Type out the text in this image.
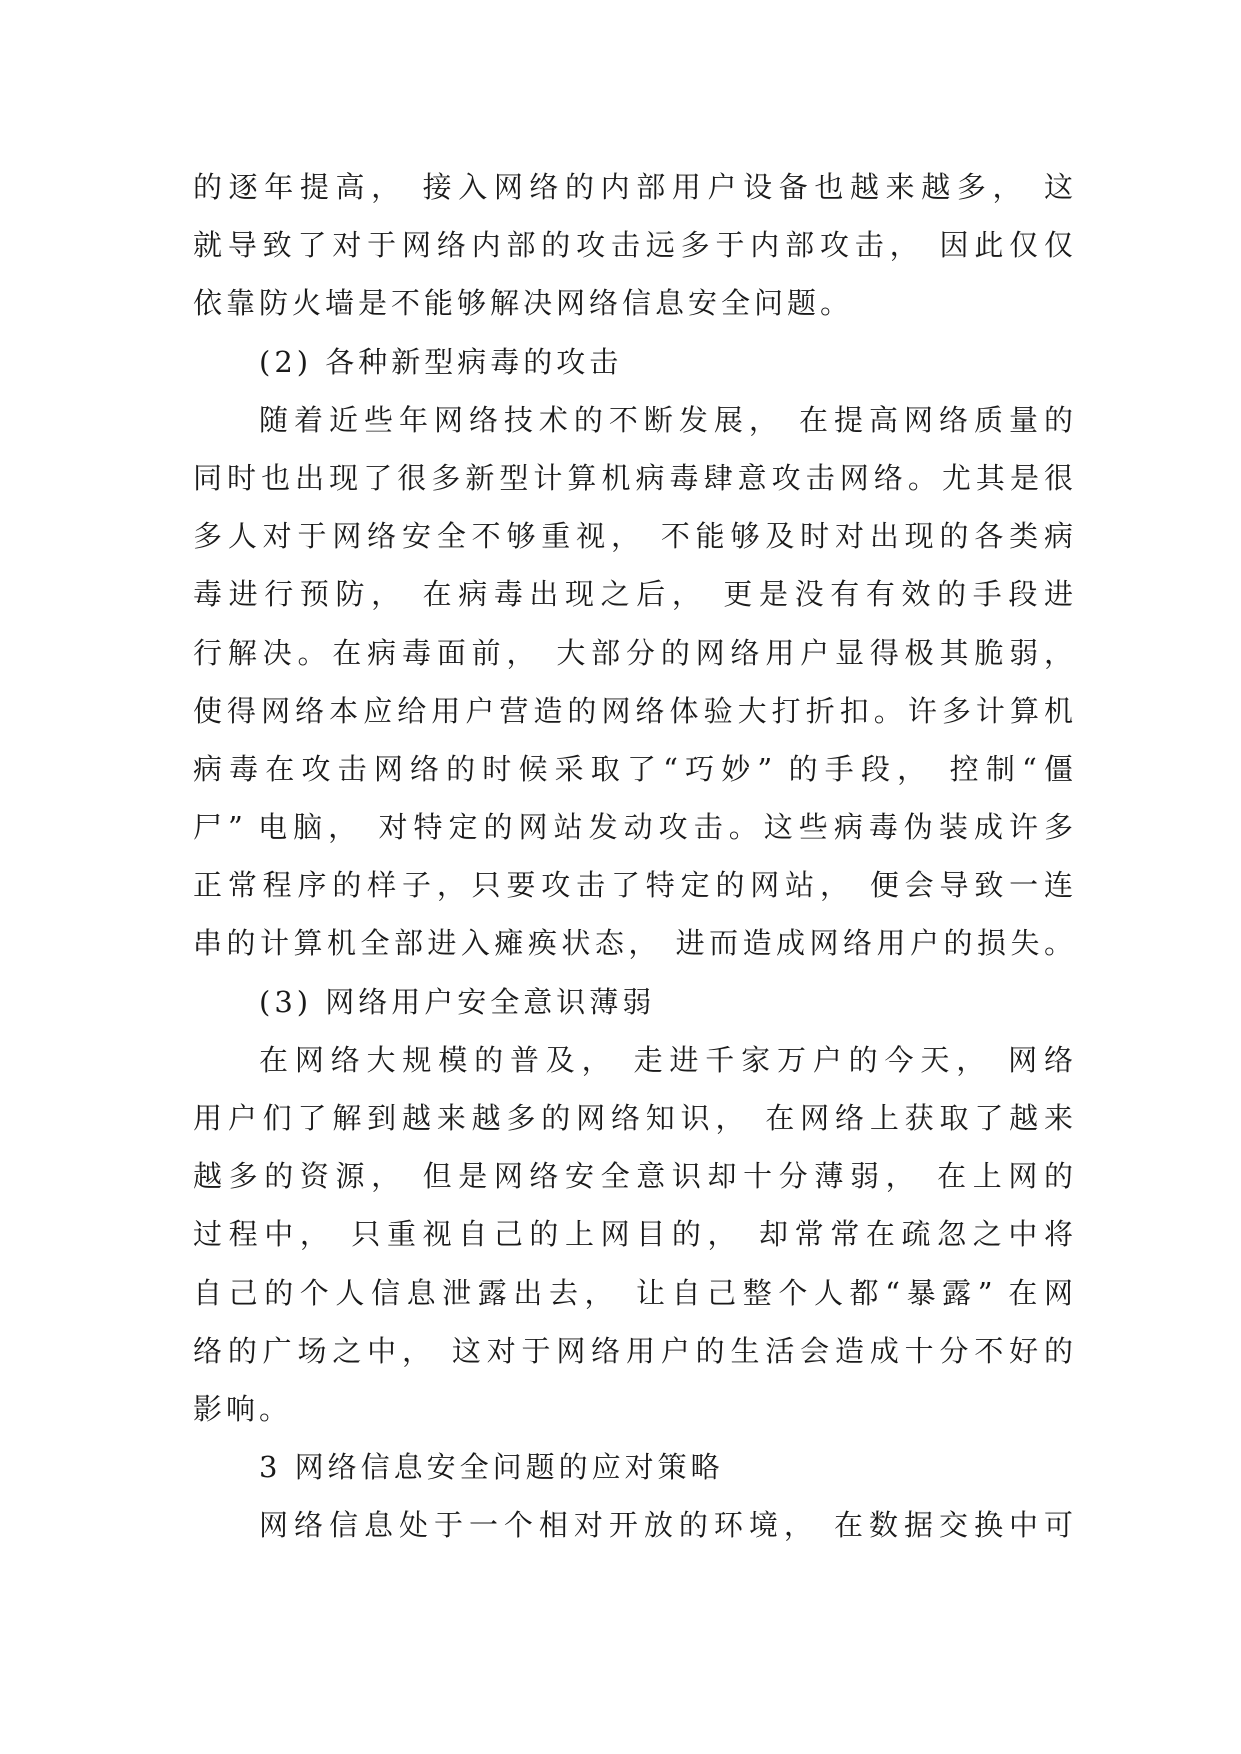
的逐年提高， 接入网络的内部用户设备也越来越多， 这
就导致了对于网络内部的攻击远多于内部攻击， 因此仅仅
依靠防火墙是不能够解决网络信息安全问题。
(2) 各种新型病毒的攻击
随着近些年网络技术的不断发展， 在提高网络质量的
同时也出现了很多新型计算机病毒肆意攻击网络。尤其是很
多人对于网络安全不够重视， 不能够及时对出现的各类病
毒进行预防， 在病毒出现之后， 更是没有有效的手段进
行解决。在病毒面前， 大部分的网络用户显得极其脆弱，
使得网络本应给用户营造的网络体验大打折扣。许多计算机
病毒在攻击网络的时候采取了“巧妙” 的手段， 控制“僵
尸” 电脑， 对特定的网站发动攻击。这些病毒伪装成许多
正常程序的样子，只要攻击了特定的网站， 便会导致一连
串的计算机全部进入瘫痪状态， 进而造成网络用户的损失。
(3) 网络用户安全意识薄弱
在网络大规模的普及， 走进千家万户的今天， 网络
用户们了解到越来越多的网络知识， 在网络上获取了越来
越多的资源， 但是网络安全意识却十分薄弱， 在上网的
过程中， 只重视自己的上网目的， 却常常在疏忽之中将
自己的个人信息泄露出去， 让自己整个人都“暴露” 在网
络的广场之中， 这对于网络用户的生活会造成十分不好的
影响。
3 网络信息安全问题的应对策略
网络信息处于一个相对开放的环境， 在数据交换中可
